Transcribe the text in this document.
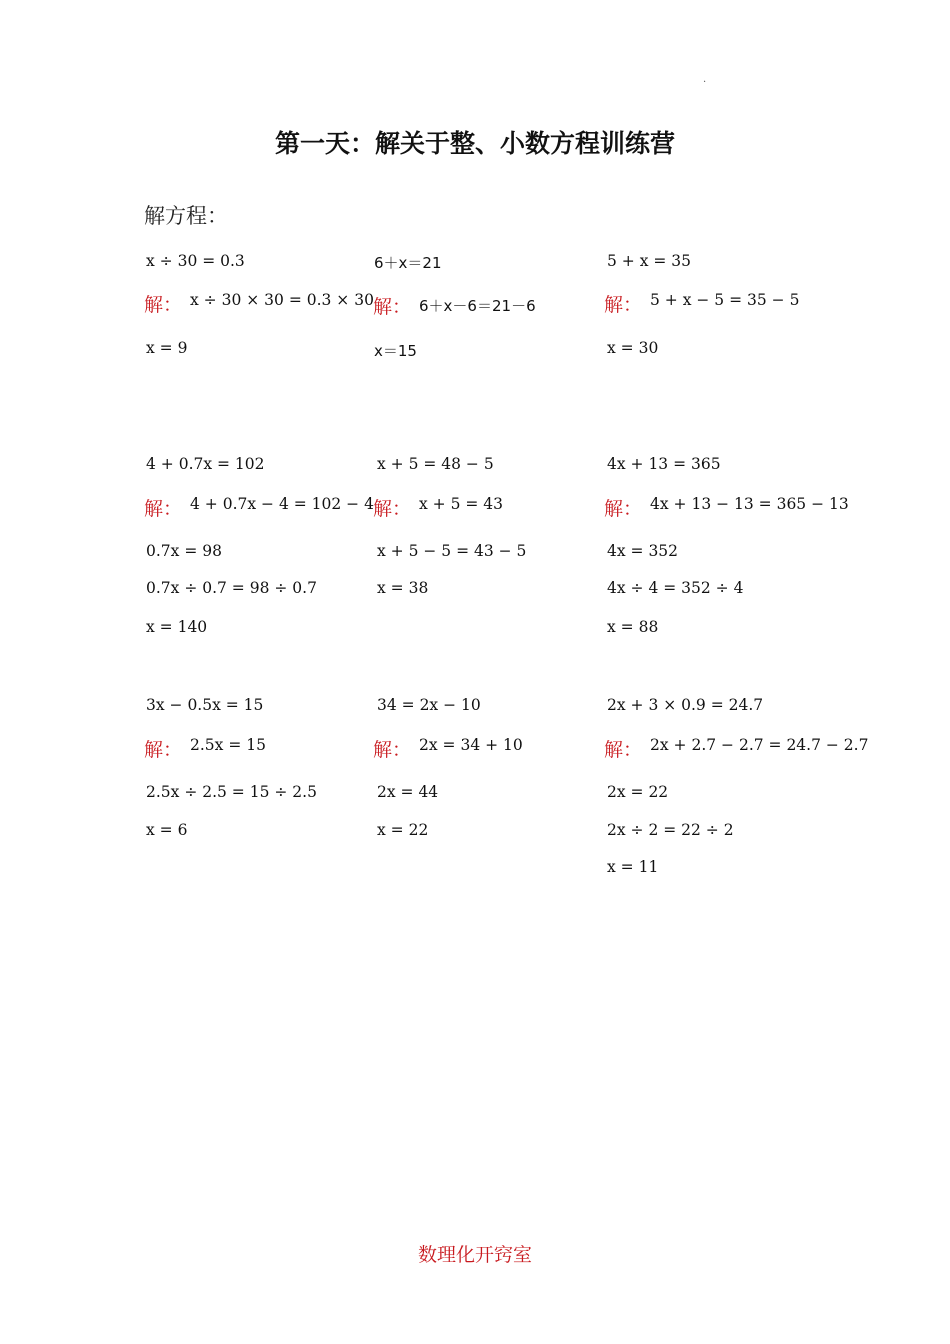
.
第一天：解关于整、小数方程训练营
解方程：
x ÷ 30 = 0.3
解： x ÷ 30 × 30 = 0.3 × 30
x = 9
6＋x＝21
解： 6＋x－6＝21－6
x＝15
5 + x = 35
解： 5 + x − 5 = 35 − 5
x = 30
4 + 0.7x = 102
解： 4 + 0.7x − 4 = 102 − 4
0.7x = 98
0.7x ÷ 0.7 = 98 ÷ 0.7
x = 140
x + 5 = 48 − 5
解： x + 5 = 43
x + 5 − 5 = 43 − 5
x = 38
4x + 13 = 365
解： 4x + 13 − 13 = 365 − 13
4x = 352
4x ÷ 4 = 352 ÷ 4
x = 88
3x − 0.5x = 15
解： 2.5x = 15
2.5x ÷ 2.5 = 15 ÷ 2.5
x = 6
34 = 2x − 10
解： 2x = 34 + 10
2x = 44
x = 22
2x + 3 × 0.9 = 24.7
解： 2x + 2.7 − 2.7 = 24.7 − 2.7
2x = 22
2x ÷ 2 = 22 ÷ 2
x = 11
数理化开窍室
